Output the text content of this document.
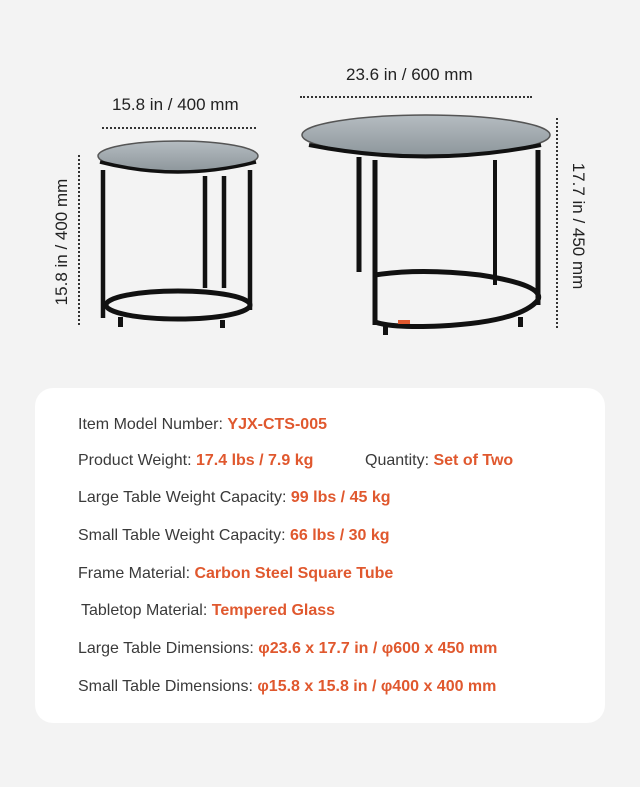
15.8 in / 400 mm
23.6 in / 600 mm
15.8 in / 400 mm	17.7 in / 450 mm
Item Model Number: YJX-CTS-005
Product Weight: 17.4 lbs / 7.9 kg	Quantity: Set of Two
Large Table Weight Capacity: 99 lbs / 45 kg
Small Table Weight Capacity: 66 lbs / 30 kg
Frame Material: Carbon Steel Square Tube
Tabletop Material: Tempered Glass
Large Table Dimensions: φ23.6 x 17.7 in / φ600 x 450 mm
Small Table Dimensions: φ15.8 x 15.8 in / φ400 x 400 mm
